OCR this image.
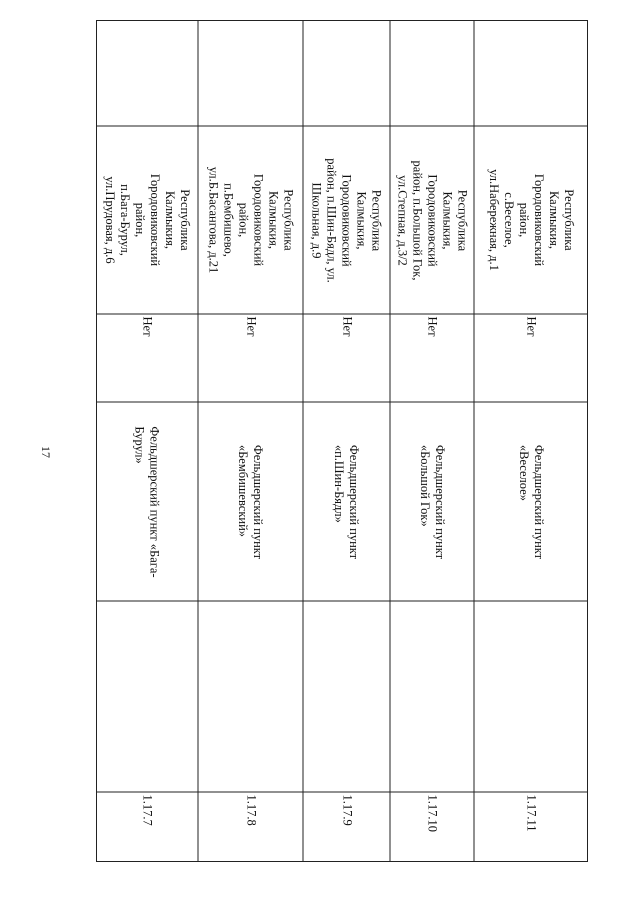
17
1.17.7
Фельдшерский пункт «Бага-
Бурул»
Нет
Республика
Калмыкия,
Городовиковский
район,
п.Бага-Бурул,
ул.Прудовая, д.6
1.17.8
Фельдшерский пункт
«Бембишевский»
Нет
Республика
Калмыкия,
Городовиковский
район,
п.Бембишево,
ул.Б.Басангова, д.21
1.17.9
Фельдшерский пункт
«п.Шин-Бядл»
Нет
Республика
Калмыкия,
Городовиковский
район, п.Шин-Бядл, ул.
Школьная, д.9
1.17.10
Фельдшерский пункт
«Большой Гок»
Нет
Республика
Калмыкия,
Городовиковский
район, п.Большой Гок,
ул.Степная, д.3/2
1.17.11
Фельдшерский пункт
«Веселое»
Нет
Республика
Калмыкия,
Городовиковский
район,
с.Веселое,
ул.Набережная, д.1
